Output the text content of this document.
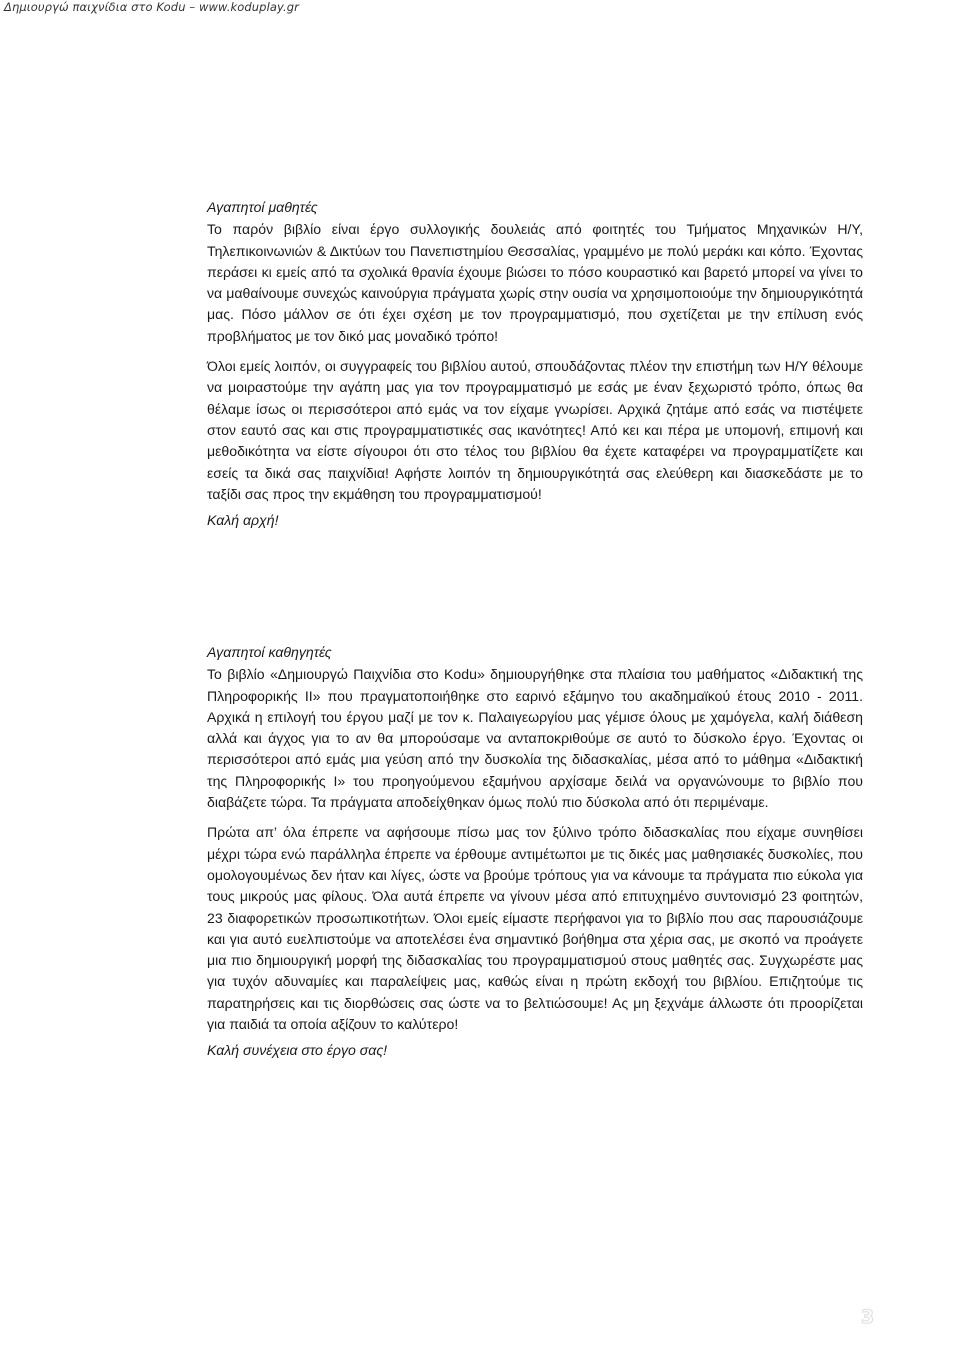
Δημιουργώ παιχνίδια στο Kodu – www.koduplay.gr

Αγαπητοί μαθητές

Το παρόν βιβλίο είναι έργο συλλογικής δουλειάς από φοιτητές του Τμήματος Μηχανικών Η/Υ, Τηλεπικοινωνιών & Δικτύων του Πανεπιστημίου Θεσσαλίας, γραμμένο με πολύ μεράκι και κόπο. Έχοντας περάσει κι εμείς από τα σχολικά θρανία έχουμε βιώσει το πόσο κουραστικό και βαρετό μπορεί να γίνει το να μαθαίνουμε συνεχώς καινούργια πράγματα χωρίς στην ουσία να χρησιμοποιούμε την δημιουργικότητά μας. Πόσο μάλλον σε ότι έχει σχέση με τον προγραμματισμό, που σχετίζεται με την επίλυση ενός προβλήματος με τον δικό μας μοναδικό τρόπο!

Όλοι εμείς λοιπόν, οι συγγραφείς του βιβλίου αυτού, σπουδάζοντας πλέον την επιστήμη των Η/Υ θέλουμε να μοιραστούμε την αγάπη μας για τον προγραμματισμό με εσάς με έναν ξεχωριστό τρόπο, όπως θα θέλαμε ίσως οι περισσότεροι από εμάς να τον είχαμε γνωρίσει. Αρχικά ζητάμε από εσάς να πιστέψετε στον εαυτό σας και στις προγραμματιστικές σας ικανότητες! Από κει και πέρα με υπομονή, επιμονή και μεθοδικότητα να είστε σίγουροι ότι στο τέλος του βιβλίου θα έχετε καταφέρει να προγραμματίζετε και εσείς τα δικά σας παιχνίδια! Αφήστε λοιπόν τη δημιουργικότητά σας ελεύθερη και διασκεδάστε με το ταξίδι σας προς την εκμάθηση του προγραμματισμού!

Καλή αρχή!

Αγαπητοί καθηγητές

Το βιβλίο «Δημιουργώ Παιχνίδια στο Kodu» δημιουργήθηκε στα πλαίσια του μαθήματος «Διδακτική της Πληροφορικής ΙΙ» που πραγματοποιήθηκε στο εαρινό εξάμηνο του ακαδημαϊκού έτους 2010 - 2011. Αρχικά η επιλογή του έργου μαζί με τον κ. Παλαιγεωργίου μας γέμισε όλους με χαμόγελα, καλή διάθεση αλλά και άγχος για το αν θα μπορούσαμε να ανταποκριθούμε σε αυτό το δύσκολο έργο. Έχοντας οι περισσότεροι από εμάς μια γεύση από την δυσκολία της διδασκαλίας, μέσα από το μάθημα «Διδακτική της Πληροφορικής Ι» του προηγούμενου εξαμήνου αρχίσαμε δειλά να οργανώνουμε το βιβλίο που διαβάζετε τώρα. Τα πράγματα αποδείχθηκαν όμως πολύ πιο δύσκολα από ότι περιμέναμε.

Πρώτα απ’ όλα έπρεπε να αφήσουμε πίσω μας τον ξύλινο τρόπο διδασκαλίας που είχαμε συνηθίσει μέχρι τώρα ενώ παράλληλα έπρεπε να έρθουμε αντιμέτωποι με τις δικές μας μαθησιακές δυσκολίες, που ομολογουμένως δεν ήταν και λίγες, ώστε να βρούμε τρόπους για να κάνουμε τα πράγματα πιο εύκολα για τους μικρούς μας φίλους. Όλα αυτά έπρεπε να γίνουν μέσα από επιτυχημένο συντονισμό 23 φοιτητών, 23 διαφορετικών προσωπικοτήτων. Όλοι εμείς είμαστε περήφανοι για το βιβλίο που σας παρουσιάζουμε και για αυτό ευελπιστούμε να αποτελέσει ένα σημαντικό βοήθημα στα χέρια σας, με σκοπό να προάγετε μια πιο δημιουργική μορφή της διδασκαλίας του προγραμματισμού στους μαθητές σας. Συγχωρέστε μας για τυχόν αδυναμίες και παραλείψεις μας, καθώς είναι η πρώτη εκδοχή του βιβλίου. Επιζητούμε τις παρατηρήσεις και τις διορθώσεις σας ώστε να το βελτιώσουμε! Ας μη ξεχνάμε άλλωστε ότι προορίζεται για παιδιά τα οποία αξίζουν το καλύτερο!

Καλή συνέχεια στο έργο σας!

3
